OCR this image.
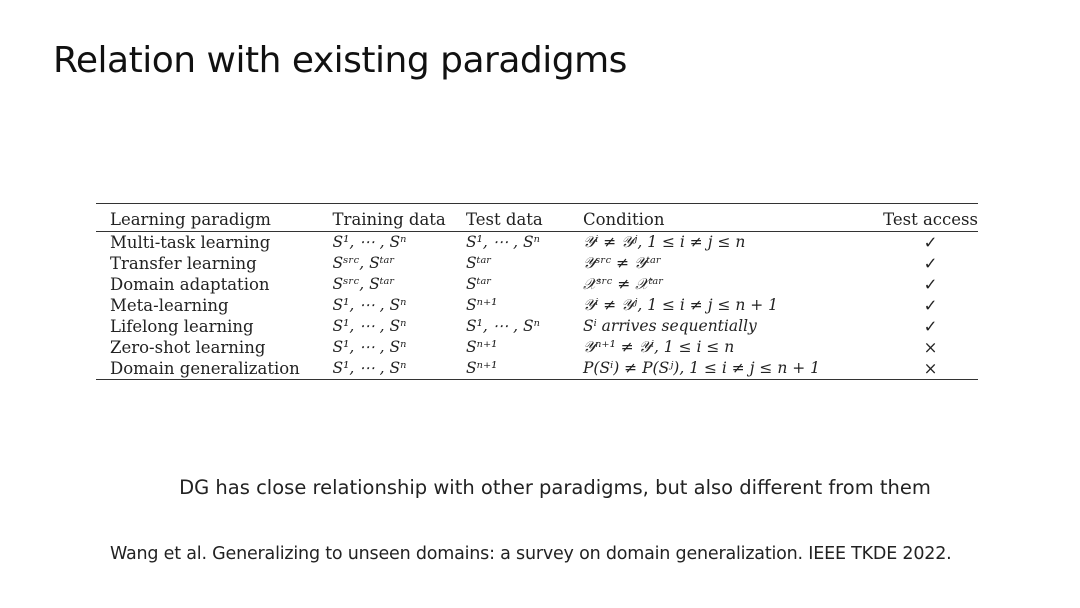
Relation with existing paradigms
Learning paradigm	Training data	Test data	Condition	Test access
Multi-task learning	S¹, ⋯ , Sⁿ	S¹, ⋯ , Sⁿ	𝒴ⁱ ≠ 𝒴ʲ, 1 ≤ i ≠ j ≤ n	✓
Transfer learning	Sˢʳᶜ, Sᵗᵃʳ	Sᵗᵃʳ	𝒴ˢʳᶜ ≠ 𝒴ᵗᵃʳ	✓
Domain adaptation	Sˢʳᶜ, Sᵗᵃʳ	Sᵗᵃʳ	𝒳ˢʳᶜ ≠ 𝒳ᵗᵃʳ	✓
Meta-learning	S¹, ⋯ , Sⁿ	Sⁿ⁺¹	𝒴ⁱ ≠ 𝒴ʲ, 1 ≤ i ≠ j ≤ n + 1	✓
Lifelong learning	S¹, ⋯ , Sⁿ	S¹, ⋯ , Sⁿ	Sⁱ arrives sequentially	✓
Zero-shot learning	S¹, ⋯ , Sⁿ	Sⁿ⁺¹	𝒴ⁿ⁺¹ ≠ 𝒴ⁱ, 1 ≤ i ≤ n	×
Domain generalization	S¹, ⋯ , Sⁿ	Sⁿ⁺¹	P(Sⁱ) ≠ P(Sʲ), 1 ≤ i ≠ j ≤ n + 1	×
DG has close relationship with other paradigms, but also different from them
Wang et al. Generalizing to unseen domains: a survey on domain generalization. IEEE TKDE 2022.
